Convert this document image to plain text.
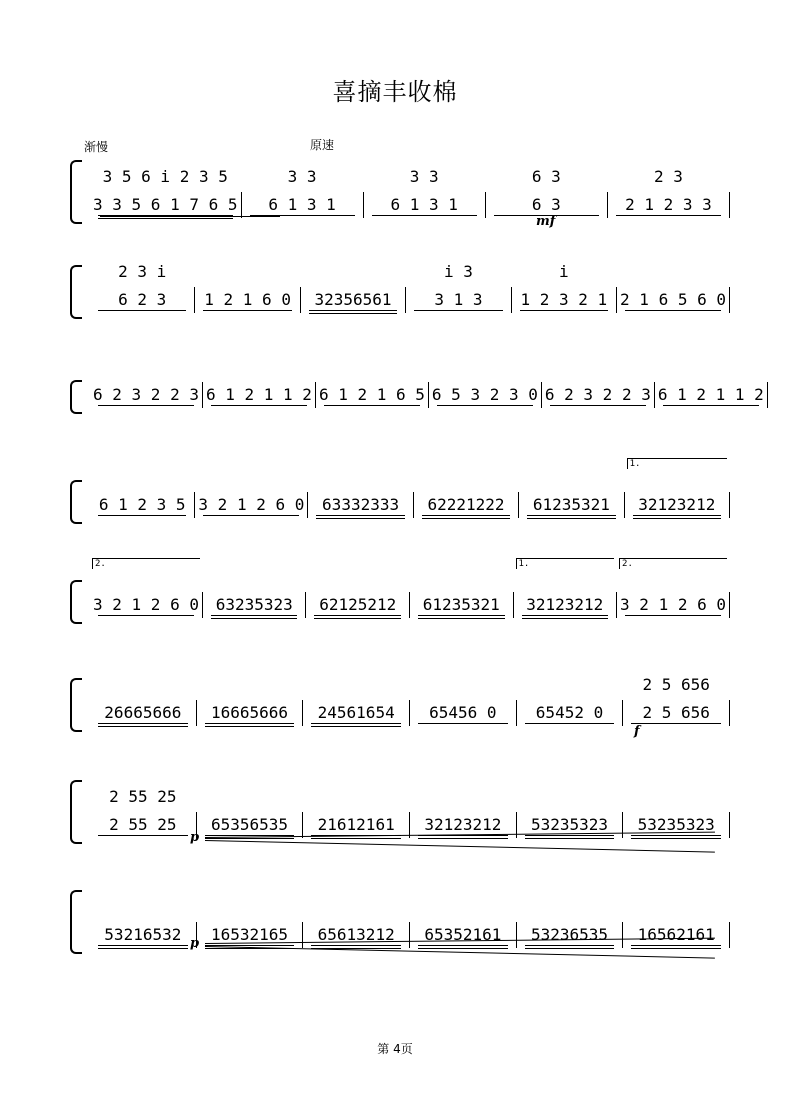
喜摘丰收棉
渐慢	原速
3 3 5 6 1 7 6 5
3 5 6 i 2 3 5
6 1 3 1
3 3
6 1 3 1
3 3
6 3
6 3
2 1 2 3 3
2 3
6 2 3
2 3 i
1 2 1 6 0	32356561	3 1 3
i 3
1 2 3 2 1
i
2 1 6 5 6 0
6 2 3 2 2 3 6 1 2 1 1 2 6 1 2 1 6 5 6 5 3 2 3 0 6 2 3 2 2 3 6 1 2 1 1 2
6 1 2 3 5 3 2 1 2 6 0	63332333	62221222	61235321	32123212
1.
3 2 1 2 6 0
2.
63235323	62125212	61235321	32123212
1.
3 2 1 2 6 0
2.
26665666	16665666	24561654	65456 0	65452 0	2 5 656
2 5 656
2 55 25
2 55 25
65356535	21612161	32123212	53235323	53235323
53216532	16532165	65613212	65352161	53236535	16562161
mf
f
p
p
第 4页
